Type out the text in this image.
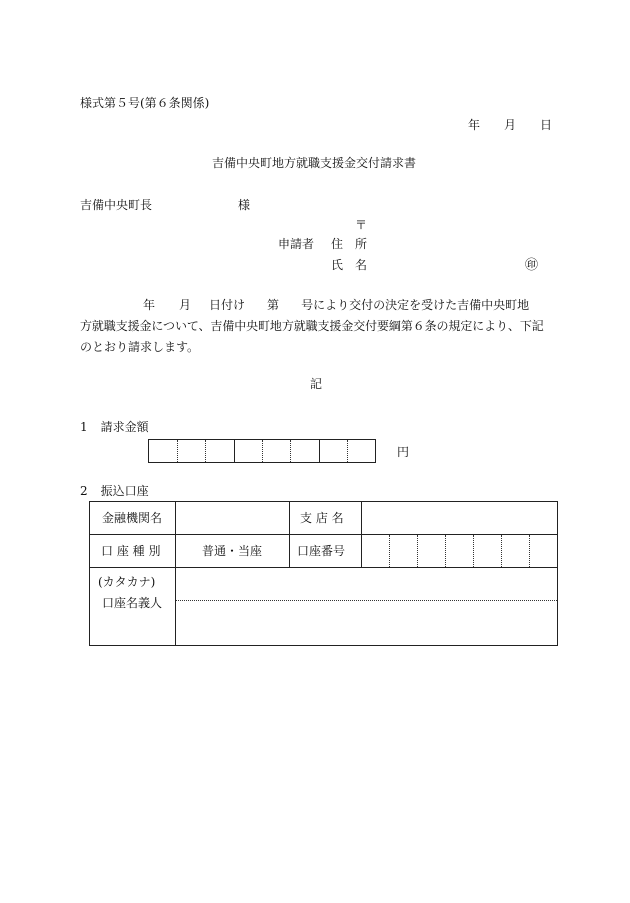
様式第５号(第６条関係)
年 月 日
吉備中央町地方就職支援金交付請求書
吉備中央町長	様
〒
申請者 住　所
氏　名	㊞
年 月 日付け 第 号により交付の決定を受けた吉備中央町地
方就職支援金について、吉備中央町地方就職支援金交付要綱第６条の規定により、下記
のとおり請求します。
記
1 請求金額
円
2 振込口座
金融機関名	支 店 名
口 座 種 別	普通・当座	口座番号
(カタカナ)
口座名義人
